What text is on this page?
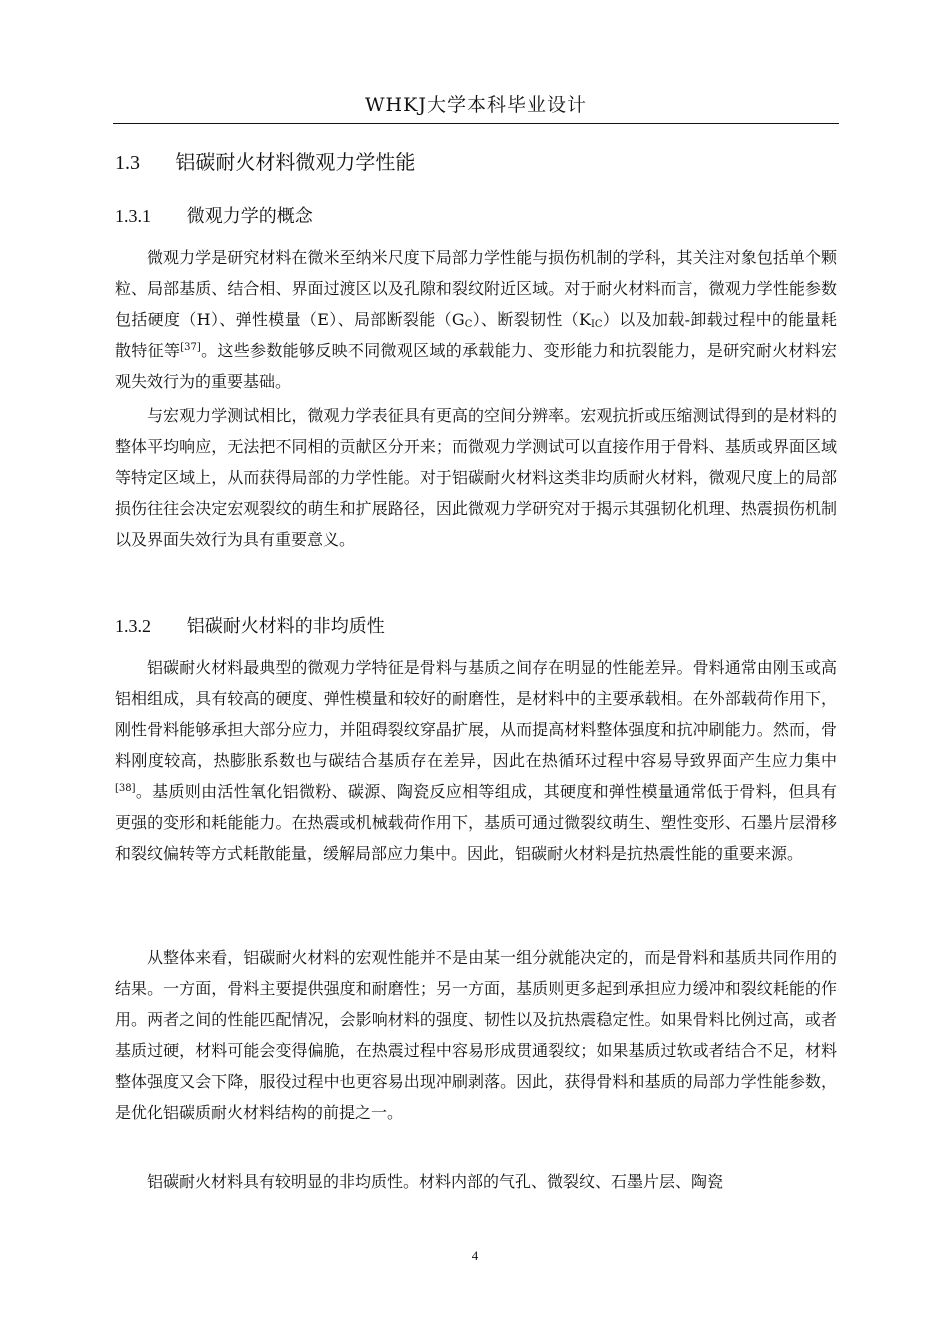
WHKJ大学本科毕业设计
1.3 铝碳耐火材料微观力学性能
1.3.1 微观力学的概念
微观力学是研究材料在微米至纳米尺度下局部力学性能与损伤机制的学科，其关注对象包括单个颗粒、局部基质、结合相、界面过渡区以及孔隙和裂纹附近区域。对于耐火材料而言，微观力学性能参数包括硬度（H）、弹性模量（E）、局部断裂能$(G_C)$、断裂韧性$(K_{IC})$以及加载-卸载过程中的能量耗散特征等[37]。这些参数能够反映不同微观区域的承载能力、变形能力和抗裂能力，是研究耐火材料宏观失效行为的重要基础。
与宏观力学测试相比，微观力学表征具有更高的空间分辨率。宏观抗折或压缩测试得到的是材料的整体平均响应，无法把不同相的贡献区分开来；而微观力学测试可以直接作用于骨料、基质或界面区域等特定区域上，从而获得局部的力学性能。对于铝碳耐火材料这类非均质耐火材料，微观尺度上的局部损伤往往会决定宏观裂纹的萌生和扩展路径，因此微观力学研究对于揭示其强韧化机理、热震损伤机制以及界面失效行为具有重要意义。
1.3.2 铝碳耐火材料的非均质性
铝碳耐火材料最典型的微观力学特征是骨料与基质之间存在明显的性能差异。骨料通常由刚玉或高铝相组成，具有较高的硬度、弹性模量和较好的耐磨性，是材料中的主要承载相。在外部载荷作用下，刚性骨料能够承担大部分应力，并阻碍裂纹穿晶扩展，从而提高材料整体强度和抗冲刷能力。然而，骨料刚度较高，热膨胀系数也与碳结合基质存在差异，因此在热循环过程中容易导致界面产生应力集中[38]。基质则由活性氧化铝微粉、碳源、陶瓷反应相等组成，其硬度和弹性模量通常低于骨料，但具有更强的变形和耗能能力。在热震或机械载荷作用下，基质可通过微裂纹萌生、塑性变形、石墨片层滑移和裂纹偏转等方式耗散能量，缓解局部应力集中。因此，铝碳耐火材料是抗热震性能的重要来源。
从整体来看，铝碳耐火材料的宏观性能并不是由某一组分就能决定的，而是骨料和基质共同作用的结果。一方面，骨料主要提供强度和耐磨性；另一方面，基质则更多起到承担应力缓冲和裂纹耗能的作用。两者之间的性能匹配情况，会影响材料的强度、韧性以及抗热震稳定性。如果骨料比例过高，或者基质过硬，材料可能会变得偏脆，在热震过程中容易形成贯通裂纹；如果基质过软或者结合不足，材料整体强度又会下降，服役过程中也更容易出现冲刷剥落。因此，获得骨料和基质的局部力学性能参数，是优化铝碳质耐火材料结构的前提之一。
铝碳耐火材料具有较明显的非均质性。材料内部的气孔、微裂纹、石墨片层、陶瓷
4
